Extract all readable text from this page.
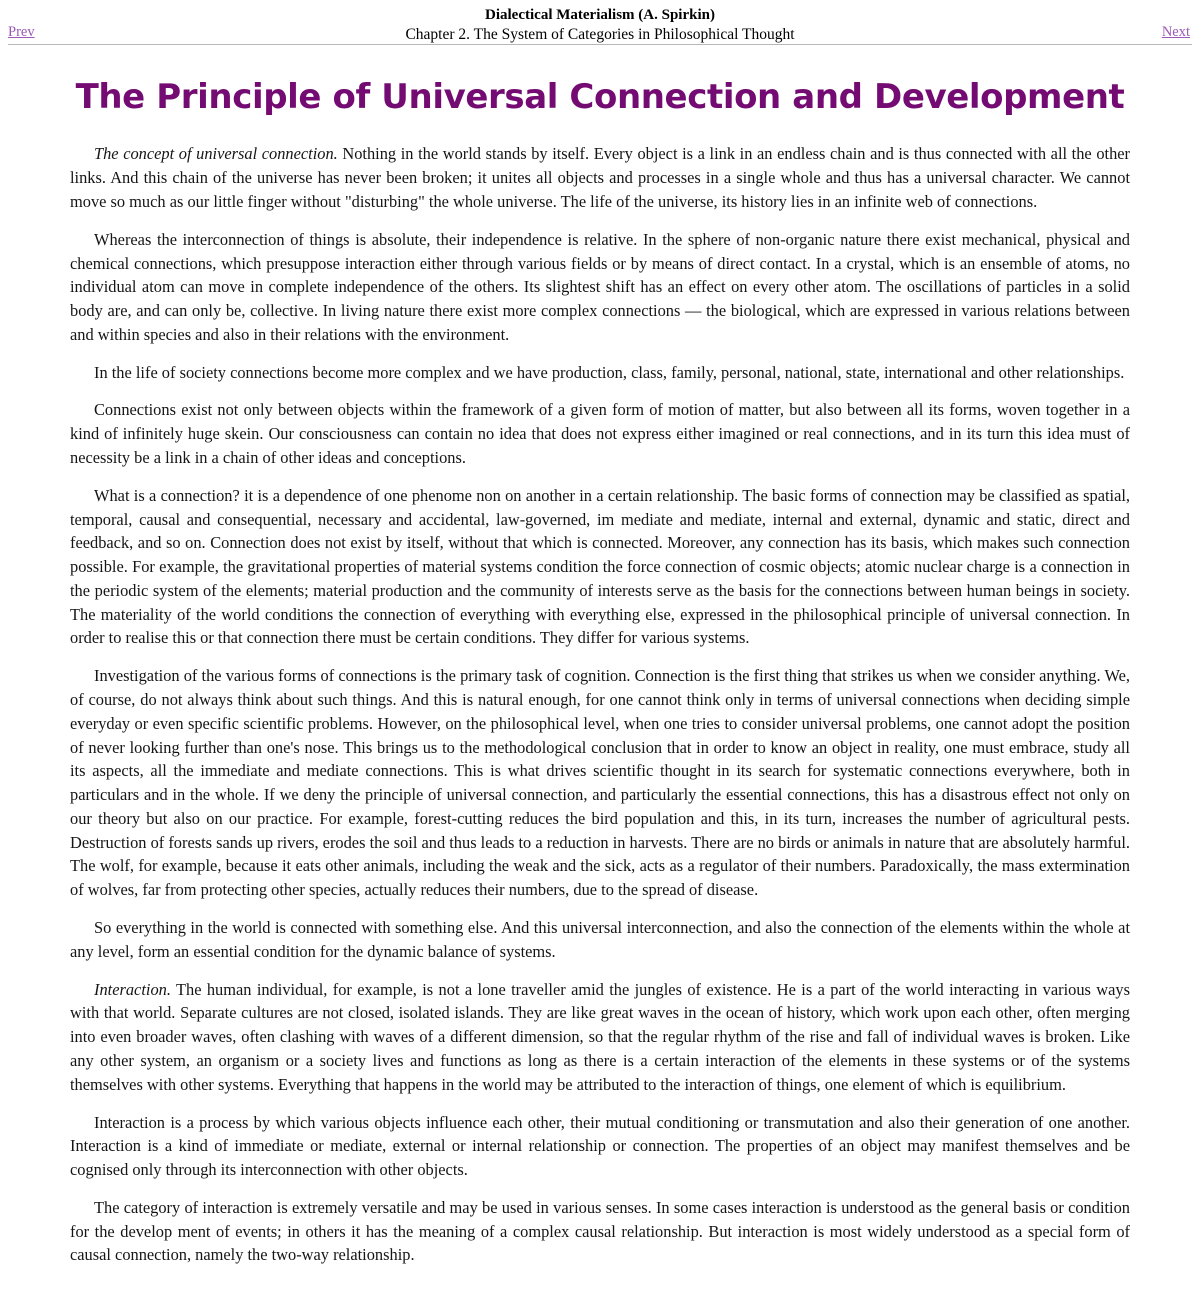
Dialectical Materialism (A. Spirkin)
Chapter 2. The System of Categories in Philosophical Thought
Prev	Next
The Principle of Universal Connection and Development

The concept of universal connection. Nothing in the world stands by itself. Every object is a link in an endless chain and is thus connected with all the other links. And this chain of the universe has never been broken; it unites all objects and processes in a single whole and thus has a universal character. We cannot move so much as our little finger without "disturbing" the whole universe. The life of the universe, its history lies in an infinite web of connections.

Whereas the interconnection of things is absolute, their independence is relative. In the sphere of non-organic nature there exist mechanical, physical and chemical connections, which presuppose interaction either through various fields or by means of direct contact. In a crystal, which is an ensemble of atoms, no individual atom can move in complete independence of the others. Its slightest shift has an effect on every other atom. The oscillations of particles in a solid body are, and can only be, collective. In living nature there exist more complex connections — the biological, which are expressed in various relations between and within species and also in their relations with the environment.

In the life of society connections become more complex and we have production, class, family, personal, national, state, international and other relationships.

Connections exist not only between objects within the framework of a given form of motion of matter, but also between all its forms, woven together in a kind of infinitely huge skein. Our consciousness can contain no idea that does not express either imagined or real connections, and in its turn this idea must of necessity be a link in a chain of other ideas and conceptions.

What is a connection? it is a dependence of one phenome non on another in a certain relationship. The basic forms of connection may be classified as spatial, temporal, causal and consequential, necessary and accidental, law-governed, im mediate and mediate, internal and external, dynamic and static, direct and feedback, and so on. Connection does not exist by itself, without that which is connected. Moreover, any connection has its basis, which makes such connection possible. For example, the gravitational properties of material systems condition the force connection of cosmic objects; atomic nuclear charge is a connection in the periodic system of the elements; material production and the community of interests serve as the basis for the connections between human beings in society. The materiality of the world conditions the connection of everything with everything else, expressed in the philosophical principle of universal connection. In order to realise this or that connection there must be certain conditions. They differ for various systems.

Investigation of the various forms of connections is the primary task of cognition. Connection is the first thing that strikes us when we consider anything. We, of course, do not always think about such things. And this is natural enough, for one cannot think only in terms of universal connections when deciding simple everyday or even specific scientific problems. However, on the philosophical level, when one tries to consider universal problems, one cannot adopt the position of never looking further than one's nose. This brings us to the methodological conclusion that in order to know an object in reality, one must embrace, study all its aspects, all the immediate and mediate connections. This is what drives scientific thought in its search for systematic connections everywhere, both in particulars and in the whole. If we deny the principle of universal connection, and particularly the essential connections, this has a disastrous effect not only on our theory but also on our practice. For example, forest-cutting reduces the bird population and this, in its turn, increases the number of agricultural pests. Destruction of forests sands up rivers, erodes the soil and thus leads to a reduction in harvests. There are no birds or animals in nature that are absolutely harmful. The wolf, for example, because it eats other animals, including the weak and the sick, acts as a regulator of their numbers. Paradoxically, the mass extermination of wolves, far from protecting other species, actually reduces their numbers, due to the spread of disease.

So everything in the world is connected with something else. And this universal interconnection, and also the connection of the elements within the whole at any level, form an essential condition for the dynamic balance of systems.

Interaction. The human individual, for example, is not a lone traveller amid the jungles of existence. He is a part of the world interacting in various ways with that world. Separate cultures are not closed, isolated islands. They are like great waves in the ocean of history, which work upon each other, often merging into even broader waves, often clashing with waves of a different dimension, so that the regular rhythm of the rise and fall of individual waves is broken. Like any other system, an organism or a society lives and functions as long as there is a certain interaction of the elements in these systems or of the systems themselves with other systems. Everything that happens in the world may be attributed to the interaction of things, one element of which is equilibrium.

Interaction is a process by which various objects influence each other, their mutual conditioning or transmutation and also their generation of one another. Interaction is a kind of immediate or mediate, external or internal relationship or connection. The properties of an object may manifest themselves and be cognised only through its interconnection with other objects.

The category of interaction is extremely versatile and may be used in various senses. In some cases interaction is understood as the general basis or condition for the develop ment of events; in others it has the meaning of a complex causal relationship. But interaction is most widely understood as a special form of causal connection, namely the two-way relationship.
